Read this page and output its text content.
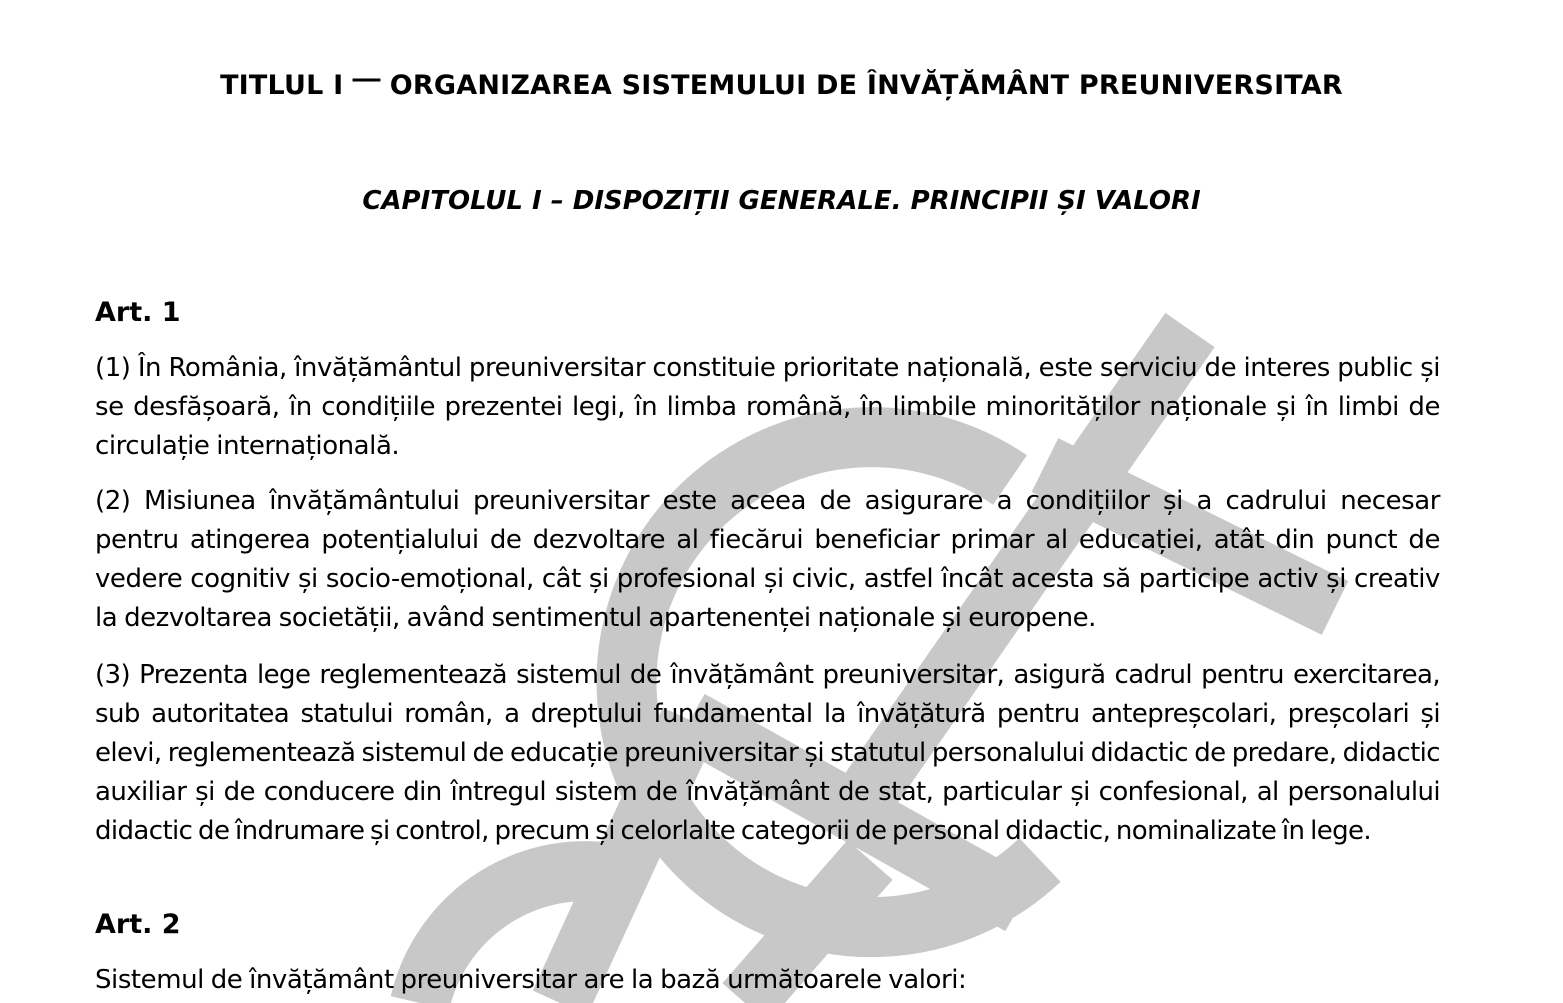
TITLUL I ⎻ ORGANIZAREA SISTEMULUI DE ÎNVĂȚĂMÂNT PREUNIVERSITAR
CAPITOLUL I – DISPOZIȚII GENERALE. PRINCIPII ȘI VALORI
Art. 1
(1) În România, învățământul preuniversitar constituie prioritate națională, este serviciu de interes public și se desfășoară, în condițiile prezentei legi, în limba română, în limbile minorităților naționale și în limbi de circulație internațională.
(2) Misiunea învățământului preuniversitar este aceea de asigurare a condițiilor și a cadrului necesar pentru atingerea potențialului de dezvoltare al fiecărui beneficiar primar al educației, atât din punct de vedere cognitiv și socio-emoțional, cât și profesional și civic, astfel încât acesta să participe activ și creativ la dezvoltarea societății, având sentimentul apartenenței naționale și europene.
(3) Prezenta lege reglementează sistemul de învățământ preuniversitar, asigură cadrul pentru exercitarea, sub autoritatea statului român, a dreptului fundamental la învățătură pentru antepreșcolari, preșcolari și elevi, reglementează sistemul de educație preuniversitar și statutul personalului didactic de predare, didactic auxiliar și de conducere din întregul sistem de învățământ de stat, particular și confesional, al personalului didactic de îndrumare și control, precum și celorlalte categorii de personal didactic, nominalizate în lege.
Art. 2
Sistemul de învățământ preuniversitar are la bază următoarele valori:
